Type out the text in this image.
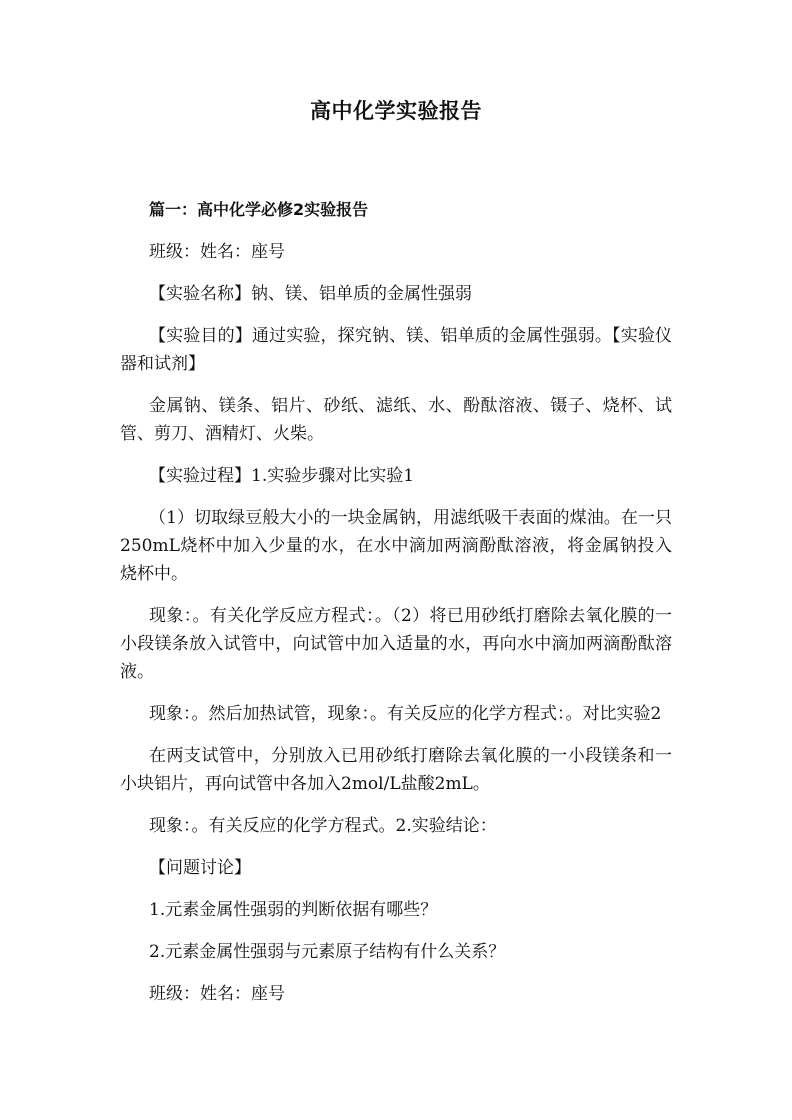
高中化学实验报告

篇一：高中化学必修2实验报告

班级：姓名：座号

【实验名称】钠、镁、铝单质的金属性强弱

【实验目的】通过实验，探究钠、镁、铝单质的金属性强弱。【实验仪器和试剂】

金属钠、镁条、铝片、砂纸、滤纸、水、酚酞溶液、镊子、烧杯、试管、剪刀、酒精灯、火柴。

【实验过程】1.实验步骤对比实验1

（1）切取绿豆般大小的一块金属钠，用滤纸吸干表面的煤油。在一只250mL烧杯中加入少量的水，在水中滴加两滴酚酞溶液，将金属钠投入烧杯中。

现象：。有关化学反应方程式：。（2）将已用砂纸打磨除去氧化膜的一小段镁条放入试管中，向试管中加入适量的水，再向水中滴加两滴酚酞溶液。

现象：。然后加热试管，现象：。有关反应的化学方程式：。对比实验2

在两支试管中，分别放入已用砂纸打磨除去氧化膜的一小段镁条和一小块铝片，再向试管中各加入2mol/L盐酸2mL。

现象：。有关反应的化学方程式。2.实验结论：

【问题讨论】

1.元素金属性强弱的判断依据有哪些？

2.元素金属性强弱与元素原子结构有什么关系？

班级：姓名：座号
